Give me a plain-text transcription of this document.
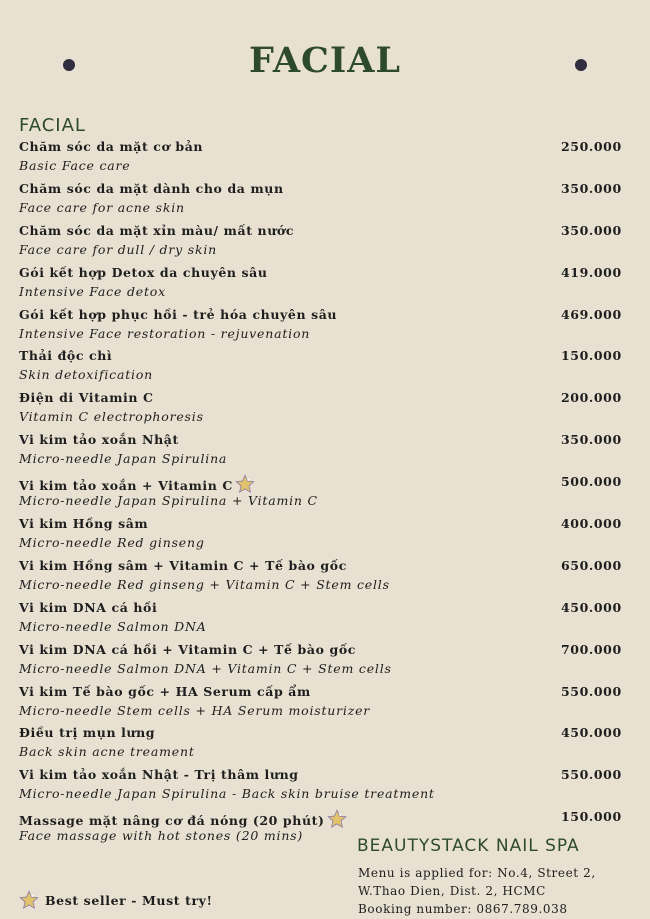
FACIAL
FACIAL
Chăm sóc da mặt cơ bản
Basic Face care
250.000
Chăm sóc da mặt dành cho da mụn
Face care for acne skin
350.000
Chăm sóc da mặt xỉn màu/ mất nước
Face care for dull / dry skin
350.000
Gói kết hợp Detox da chuyên sâu
Intensive Face detox
419.000
Gói kết hợp phục hồi - trẻ hóa chuyên sâu
Intensive Face restoration - rejuvenation
469.000
Thải độc chì
Skin detoxification
150.000
Điện di Vitamin C
Vitamin C electrophoresis
200.000
Vi kim tảo xoắn Nhật
Micro-needle Japan Spirulina
350.000
Vi kim tảo xoắn + Vitamin C
Micro-needle Japan Spirulina + Vitamin C
500.000
Vi kim Hồng sâm
Micro-needle Red ginseng
400.000
Vi kim Hồng sâm + Vitamin C + Tế bào gốc
Micro-needle Red ginseng + Vitamin C + Stem cells
650.000
Vi kim DNA cá hồi
Micro-needle Salmon DNA
450.000
Vi kim DNA cá hồi + Vitamin C + Tế bào gốc
Micro-needle Salmon DNA + Vitamin C + Stem cells
700.000
Vi kim Tế bào gốc + HA Serum cấp ẩm
Micro-needle Stem cells + HA Serum moisturizer
550.000
Điều trị mụn lưng
Back skin acne treament
450.000
Vi kim tảo xoắn Nhật - Trị thâm lưng
Micro-needle Japan Spirulina - Back skin bruise treatment
550.000
Massage mặt nâng cơ đá nóng (20 phút)
Face massage with hot stones (20 mins)
150.000
BEAUTYSTACK NAIL SPA
Menu is applied for: No.4, Street 2,
W.Thao Dien, Dist. 2, HCMC
Booking number: 0867.789.038
Best seller - Must try!
